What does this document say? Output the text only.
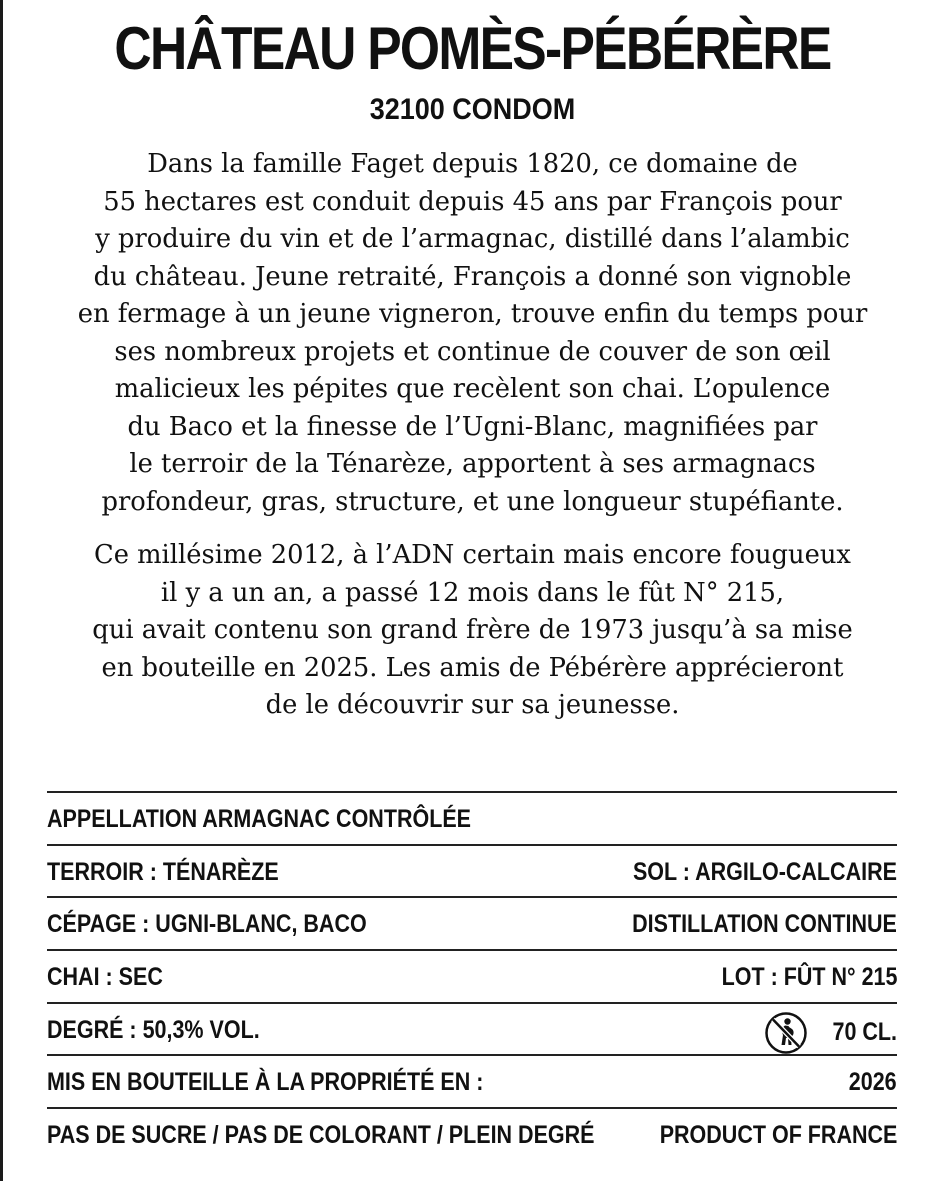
CHÂTEAU POMÈS-PÉBÉRÈRE
32100 CONDOM
Dans la famille Faget depuis 1820, ce domaine de
55 hectares est conduit depuis 45 ans par François pour
y produire du vin et de l’armagnac, distillé dans l’alambic
du château. Jeune retraité, François a donné son vignoble
en fermage à un jeune vigneron, trouve enfin du temps pour
ses nombreux projets et continue de couver de son œil
malicieux les pépites que recèlent son chai. L’opulence
du Baco et la finesse de l’Ugni-Blanc, magnifiées par
le terroir de la Ténarèze, apportent à ses armagnacs
profondeur, gras, structure, et une longueur stupéfiante.
Ce millésime 2012, à l’ADN certain mais encore fougueux
il y a un an, a passé 12 mois dans le fût N° 215,
qui avait contenu son grand frère de 1973 jusqu’à sa mise
en bouteille en 2025. Les amis de Pébérère apprécieront
de le découvrir sur sa jeunesse.
APPELLATION ARMAGNAC CONTRÔLÉE
TERROIR : TÉNARÈZE	SOL : ARGILO-CALCAIRE
CÉPAGE : UGNI-BLANC, BACO	DISTILLATION CONTINUE
CHAI : SEC	LOT : FÛT N° 215
DEGRÉ : 50,3% VOL.	70 CL.
MIS EN BOUTEILLE À LA PROPRIÉTÉ EN :	2026
PAS DE SUCRE / PAS DE COLORANT / PLEIN DEGRÉ	PRODUCT OF FRANCE
